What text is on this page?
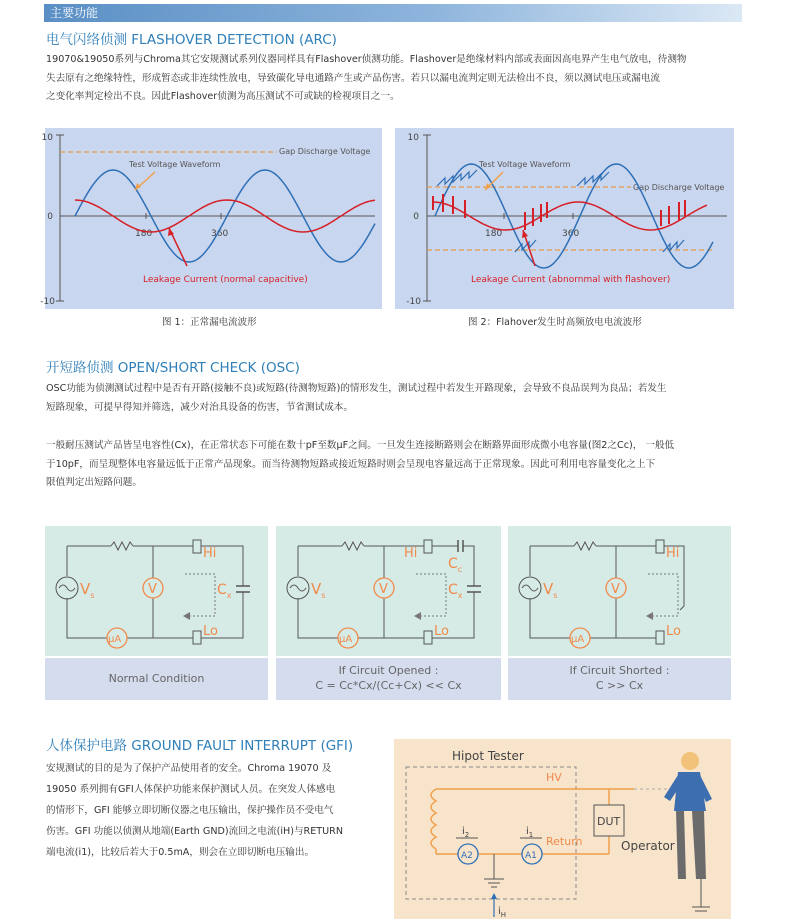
主要功能
电气闪络侦测 FLASHOVER DETECTION (ARC)
19070&19050系列与Chroma其它安规测试系列仪器同样具有Flashover侦测功能。Flashover是绝缘材料内部或表面因高电界产生电气放电，待测物
失去原有之绝缘特性，形成暂态或非连续性放电，导致碳化导电通路产生或产品伤害。若只以漏电流判定则无法检出不良，须以测试电压或漏电流
之变化率判定检出不良。因此Flashover侦测为高压测试不可或缺的检视项目之一。
10
0
-10
180	360
Gap Discharge Voltage
Test Voltage Waveform
Leakage Current (normal capacitive)
图 1：正常漏电流波形
10
0
-10
180	360
Gap Discharge Voltage
Test Voltage Waveform
Leakage Current (abnornmal with flashover)
图 2：Flahover发生时高频放电电流波形
开短路侦测 OPEN/SHORT CHECK (OSC)
OSC功能为侦测测试过程中是否有开路(接触不良)或短路(待测物短路)的情形发生，测试过程中若发生开路现象，会导致不良品误判为良品；若发生
短路现象，可提早得知并筛选，减少对治具设备的伤害，节省测试成本。
一般耐压测试产品皆呈电容性(Cx)，在正常状态下可能在数十pF至数µF之间。一旦发生连接断路则会在断路界面形成微小电容量(图2之Cc)， 一般低
于10pF，而呈现整体电容量远低于正常产品现象。而当待测物短路或接近短路时则会呈现电容量远高于正常现象。因此可利用电容量变化之上下
限值判定出短路问题。
$V_s$	V
µA
Hi
Lo
$C_x$	$V_s$	V
µA
Hi
Lo
$C_c$
$C_x$	$V_s$	V
µA
Hi
Lo
Normal Condition
If Circuit Opened :
C = Cc*Cx/(Cc+Cx) << Cx
If Circuit Shorted :
C >> Cx
人体保护电路 GROUND FAULT INTERRUPT (GFI)
安规测试的目的是为了保护产品使用者的安全。Chroma 19070 及
19050 系列拥有GFI人体保护功能来保护测试人员。在突发人体感电
的情形下，GFI 能够立即切断仪器之电压输出，保护操作员不受电气
伤害。GFI 功能以侦测从地端(Earth GND)流回之电流(iH)与RETURN
端电流(i1)，比较后若大于0.5mA，则会在立即切断电压输出。
Hipot Tester
HV
DUT
Return
A2	A1
$i_2$	$i_1$
$i_H$
Operator
